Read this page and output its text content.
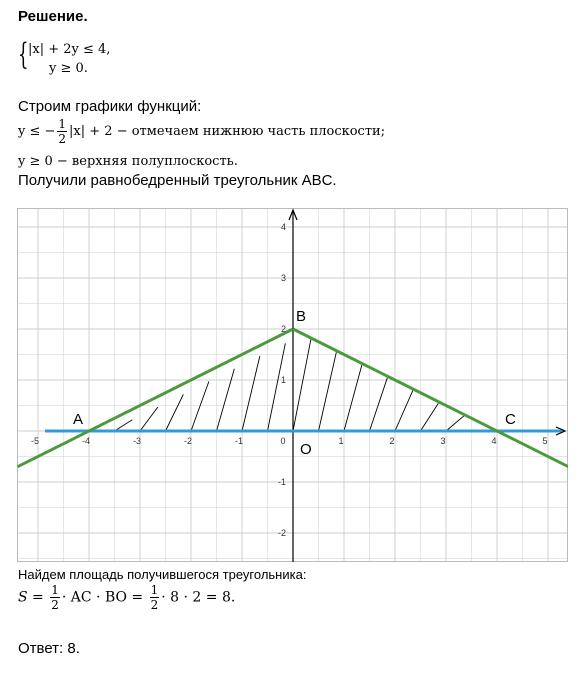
Решение.
{ |x| + 2y ≤ 4,
y ≥ 0.
Строим графики функций:
y ≤ − $\frac{1}{2} |x| + 2$ − отмечаем нижнюю часть плоскости;
y ≥ 0 − верхняя полуплоскость.
Получили равнобедренный треугольник ABC.
-5	-4	-3	-2	-1	0	1	2	3	4	5
4
3
2
1
-1
-2
A
B
C
O
Найдем площадь получившегося треугольника:
$S = \frac{1}{2}$ · AC · BO = $\frac{1}{2} \cdot 8 \cdot 2 = 8$.
Ответ: 8.
